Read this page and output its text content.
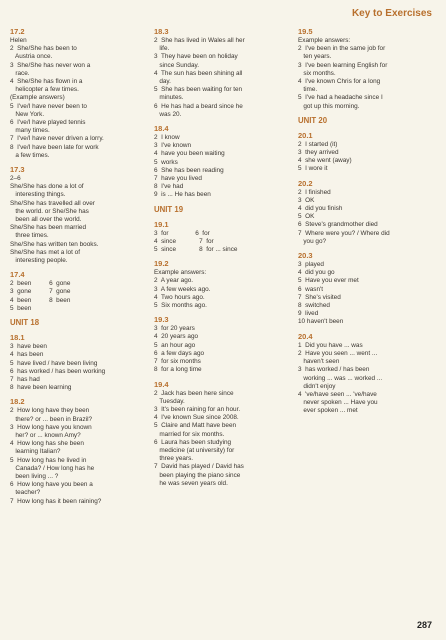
Key to Exercises
17.2
Helen
2  She/She has been to
Austria once.
3  She/She has never won a
race.
4  She/She has flown in a
helicopter a few times.
(Example answers)
5  I've/I have never been to
New York.
6  I've/I have played tennis
many times.
7  I've/I have never driven a lorry.
8  I've/I have been late for work
a few times.
17.3
2–6
She/She has done a lot of
interesting things.
She/She has travelled all over
the world. or She/She has
been all over the world.
She/She has been married
three times.
She/She has written ten books.
She/She has met a lot of
interesting people.
17.4
2  been          6  gone
3  gone          7  gone
4  been          8  been
5  been
UNIT 18
18.1
3  have been
4  has been
5  have lived / have been living
6  has worked / has been working
7  has had
8  have been learning
18.2
2  How long have they been
there? or ... been in Brazil?
3  How long have you known
her? or ... known Amy?
4  How long has she been
learning Italian?
5  How long has he lived in
Canada? / How long has he
been living ... ?
6  How long have you been a
teacher?
7  How long has it been raining?
18.3
2  She has lived in Wales all her
life.
3  They have been on holiday
since Sunday.
4  The sun has been shining all
day.
5  She has been waiting for ten
minutes.
6  He has had a beard since he
was 20.
18.4
2  I know
3  I've known
4  have you been waiting
5  works
6  She has been reading
7  have you lived
8  I've had
9  is ... He has been
UNIT 19
19.1
3  for               6  for
4  since             7  for
5  since             8  for ... since
19.2
Example answers:
2  A year ago.
3  A few weeks ago.
4  Two hours ago.
5  Six months ago.
19.3
3  for 20 years
4  20 years ago
5  an hour ago
6  a few days ago
7  for six months
8  for a long time
19.4
2  Jack has been here since
Tuesday.
3  It's been raining for an hour.
4  I've known Sue since 2008.
5  Claire and Matt have been
married for six months.
6  Laura has been studying
medicine (at university) for
three years.
7  David has played / David has
been playing the piano since
he was seven years old.
19.5
Example answers:
2  I've been in the same job for
ten years.
3  I've been learning English for
six months.
4  I've known Chris for a long
time.
5  I've had a headache since I
got up this morning.
UNIT 20
20.1
2  I started (it)
3  they arrived
4  she went (away)
5  I wore it
20.2
2  I finished
3  OK
4  did you finish
5  OK
6  Steve's grandmother died
7  Where were you? / Where did
you go?
20.3
3  played
4  did you go
5  Have you ever met
6  wasn't
7  She's visited
8  switched
9  lived
10 haven't been
20.4
1  Did you have ... was
2  Have you seen ... went ...
haven't seen
3  has worked / has been
working ... was ... worked ...
didn't enjoy
4  've/have seen ... 've/have
never spoken ... Have you
ever spoken ... met
287
